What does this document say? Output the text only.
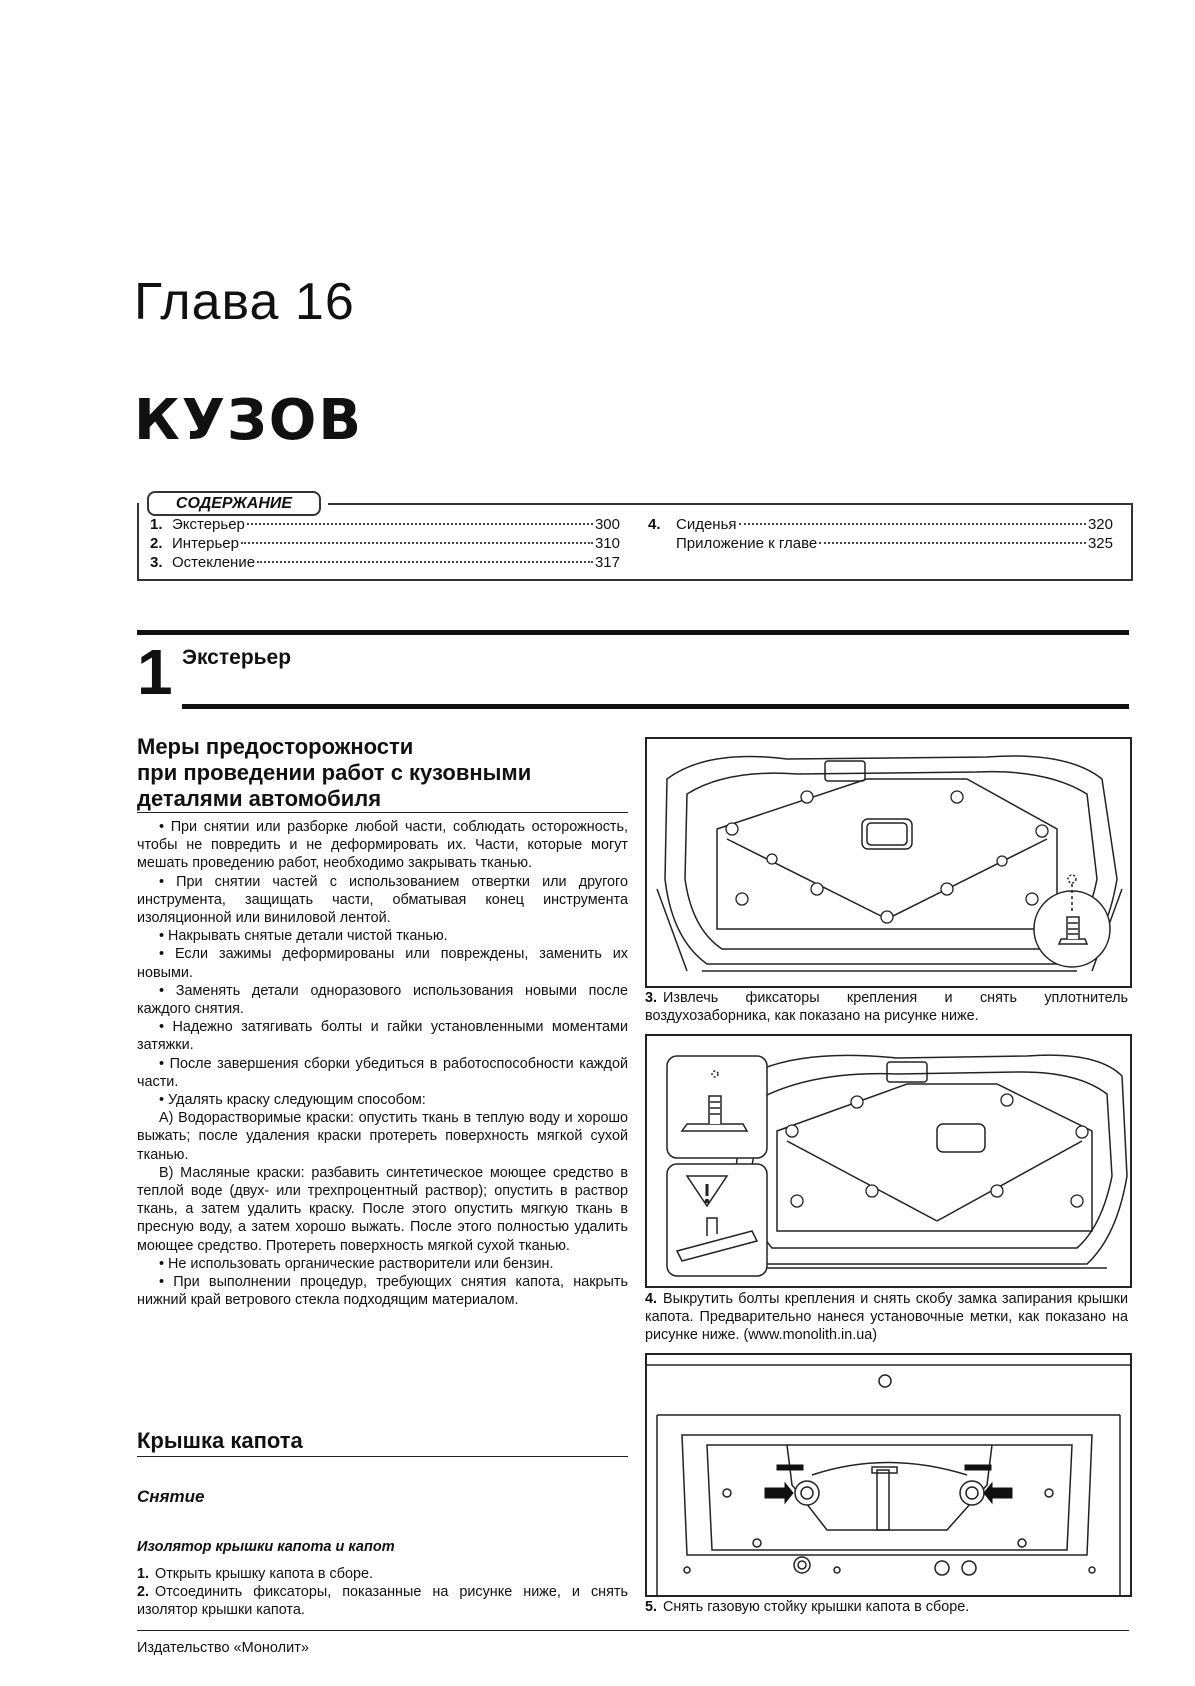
Глава 16
КУЗОВ
СОДЕРЖАНИЕ
1. Экстерьер	300
2. Интерьер	310
3. Остекление	317
4.	Сиденья	320
Приложение к главе	325
1 Экстерьер
Меры предосторожности
при проведении работ с кузовными
деталями автомобиля

• При снятии или разборке любой части, соблюдать осторожность, чтобы не повредить и не деформировать их. Части, которые могут мешать проведению работ, необходимо закрывать тканью.

• При снятии частей с использованием отвертки или другого инструмента, защищать части, обматывая конец инструмента изоляционной или виниловой лентой.

• Накрывать снятые детали чистой тканью.

• Если зажимы деформированы или повреждены, заменить их новыми.

• Заменять детали одноразового использования новыми после каждого снятия.

• Надежно затягивать болты и гайки установленными моментами затяжки.

• После завершения сборки убедиться в работоспособности каждой части.

• Удалять краску следующим способом:

А) Водорастворимые краски: опустить ткань в теплую воду и хорошо выжать; после удаления краски протереть поверхность мягкой сухой тканью.

В) Масляные краски: разбавить синтетическое моющее средство в теплой воде (двух- или трехпроцентный раствор); опустить в раствор ткань, а затем удалить краску. После этого опустить мягкую ткань в пресную воду, а затем хорошо выжать. После этого полностью удалить моющее средство. Протереть поверхность мягкой сухой тканью.

• Не использовать органические растворители или бензин.

• При выполнении процедур, требующих снятия капота, накрыть нижний край ветрового стекла подходящим материалом.

Крышка капота
Снятие
Изолятор крышки капота и капот
1. Открыть крышку капота в сборе.
2. Отсоединить фиксаторы, показанные на рисунке ниже, и снять изолятор крышки капота.
Издательство «Монолит»
3. Извлечь фиксаторы крепления и снять уплотнитель воздухозаборника, как показано на рисунке ниже.
4. Выкрутить болты крепления и снять скобу замка запирания крышки капота. Предварительно нанеся установочные метки, как показано на рисунке ниже. (www.monolith.in.ua)
5. Снять газовую стойку крышки капота в сборе.
